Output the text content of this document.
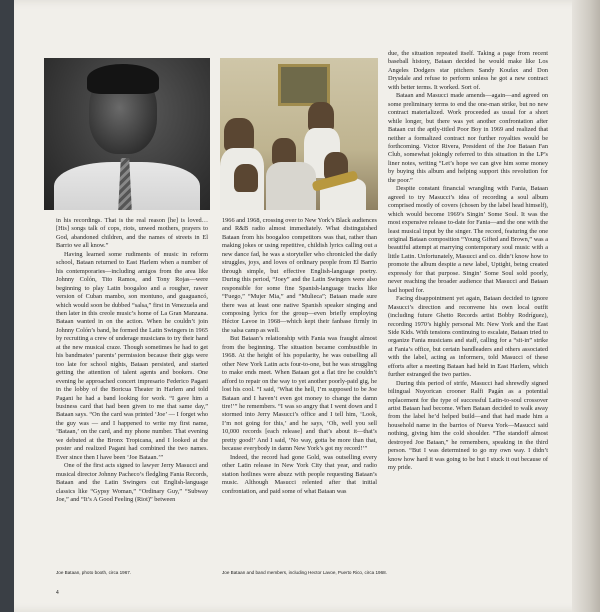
in his recordings. That is the real reason [he] is loved… [His] songs talk of cops, riots, unwed mothers, prayers to God, abandoned children, and the names of streets in El Barrio we all know.”

Having learned some rudiments of music in reform school, Bataan returned to East Harlem when a number of his contemporaries—including amigos from the area like Johnny Colón, Tito Ramos, and Tony Rojas—were beginning to play Latin boogaloo and a rougher, rawer version of Cuban mambo, son montuno, and guaguancó, which would soon be dubbed “salsa,” first in Venezuela and then later in this creole music’s home of La Gran Manzana. Bataan wanted in on the action. When he couldn’t join Johnny Colón’s band, he formed the Latin Swingers in 1965 by recruiting a crew of underage musicians to try their hand at the new musical craze. Though sometimes he had to get his bandmates’ parents’ permission because their gigs were too late for school nights, Bataan persisted, and started getting the attention of talent agents and bookers. One evening he approached concert impresario Federico Pagani in the lobby of the Boricua Theater in Harlem and told Pagani he had a band looking for work. “I gave him a business card that had been given to me that same day,” Bataan says. “On the card was printed ‘Joe’ — I forget who the guy was — and I happened to write my first name, ‘Bataan,’ on the card, and my phone number. That evening we debuted at the Bronx Tropicana, and I looked at the poster and realized Pagani had combined the two names. Ever since then I have been ‘Joe Bataan.’”

One of the first acts signed to lawyer Jerry Masucci and musical director Johnny Pacheco’s fledgling Fania Records, Bataan and the Latin Swingers cut English-language classics like “Gypsy Woman,” “Ordinary Guy,” “Subway Joe,” and “It’s A Good Feeling (Riot)” between

1966 and 1968, crossing over to New York’s Black audiences and R&B radio almost immediately. What distinguished Bataan from his boogaloo competitors was that, rather than making jokes or using repetitive, childish lyrics calling out a new dance fad, he was a storyteller who chronicled the daily struggles, joys, and loves of ordinary people from El Barrio through simple, but effective English-language poetry. During this period, “Joey” and the Latin Swingers were also responsible for some fine Spanish-language tracks like “Fuego,” “Mujer Mia,” and “Mulieca”; Bataan made sure there was at least one native Spanish speaker singing and composing lyrics for the group—even briefly employing Héctor Lavoe in 1968—which kept their fanbase firmly in the salsa camp as well.

But Bataan’s relationship with Fania was fraught almost from the beginning. The situation became combustible in 1968. At the height of his popularity, he was outselling all other New York Latin acts four-to-one, but he was struggling to make ends meet. When Bataan got a flat tire he couldn’t afford to repair on the way to yet another poorly-paid gig, he lost his cool. “I said, ‘What the hell, I’m supposed to be Joe Bataan and I haven’t even got money to change the damn tire!’” he remembers. “I was so angry that I went down and I stormed into Jerry Masucci’s office and I tell him, ‘Look, I’m not going for this,’ and he says, ‘Oh, well you sell 10,000 records [each release] and that’s about it—that’s pretty good!’ And I said, ‘No way, gotta be more than that, because everybody in damn New York’s got my record!’”

Indeed, the record had gone Gold, was outselling every other Latin release in New York City that year, and radio station hotlines were abuzz with people requesting Bataan’s music. Although Masucci relented after that initial confrontation, and paid some of what Bataan was

due, the situation repeated itself. Taking a page from recent baseball history, Bataan decided he would make like Los Angeles Dodgers star pitchers Sandy Koufax and Don Drysdale and refuse to perform unless he got a new contract with better terms. It worked. Sort of.

Bataan and Masucci made amends—again—and agreed on some preliminary terms to end the one-man strike, but no new contract materialized. Work proceeded as usual for a short while longer, but there was yet another confrontation after Bataan cut the aptly-titled Poor Boy in 1969 and realized that neither a formalized contract nor further royalties would be forthcoming. Victor Rivera, President of the Joe Bataan Fan Club, somewhat jokingly referred to this situation in the LP’s liner notes, writing “Let’s hope we can give him some money by buying this album and helping support this revolution for the poor.”

Despite constant financial wrangling with Fania, Bataan agreed to try Masucci’s idea of recording a soul album comprised mostly of covers (chosen by the label head himself), which would become 1969’s Singin’ Some Soul. It was the most expensive release to-date for Fania—and the one with the least musical input by the singer. The record, featuring the one original Bataan composition “Young Gifted and Brown,” was a beautiful attempt at marrying contemporary soul music with a little Latin. Unfortunately, Masucci and co. didn’t know how to promote the album despite a new label, Uptight, being created expressly for that purpose. Singin’ Some Soul sold poorly, never reaching the broader audience that Masucci and Bataan had hoped for.

Facing disappointment yet again, Bataan decided to ignore Masucci’s direction and reconvene his own local outfit (including future Ghetto Records artist Bobby Rodríguez), recording 1970’s highly personal Mr. New York and the East Side Kids. With tensions continuing to escalate, Bataan tried to organize Fania musicians and staff, calling for a “sit-in” strike at Fania’s office, but certain bandleaders and others associated with the label, acting as informers, told Masucci of these efforts after a meeting Bataan had held in East Harlem, which further estranged the two parties.

During this period of strife, Masucci had shrewdly signed bilingual Nuyorican crooner Ralfi Pagán as a potential replacement for the type of successful Latin-to-soul crossover artist Bataan had become. When Bataan decided to walk away from the label he’d helped build—and that had made him a household name in the barrios of Nueva York—Masucci said nothing, giving him the cold shoulder. “The standoff almost destroyed Joe Bataan,” he remembers, speaking in the third person. “But I was determined to go my own way. I didn’t know how hard it was going to be but I stuck it out because of my pride.

Joe Bataan, photo booth, circa 1967.	Joe Bataan and band members, including Hector Lavoe, Puerto Rico, circa 1968.
4
